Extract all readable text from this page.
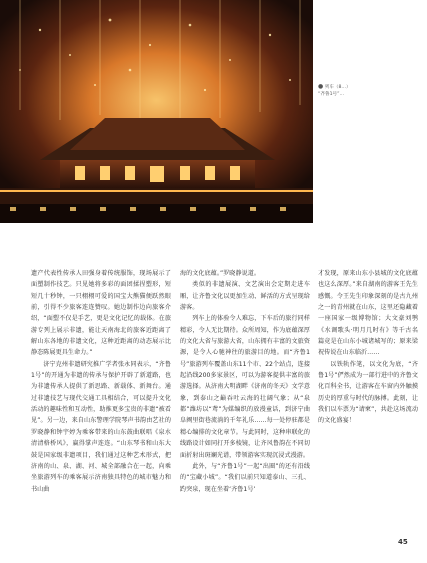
● 列车（8…）

“齐鲁1号”…

遗产代表性传承人田强身着传统服饰，现场展示了面塑制作技艺。只见她将多彩的面团揉捏塑形，短短几十秒钟，一只栩栩可爱的国宝大熊猫便跃然眼前，引得不少旅客连连赞叹。她边制作边向旅客介绍，“面塑不仅是手艺，更是文化记忆的载体。在旅游专列上展示非遗，能让天南海北的旅客近距离了解山东各地的非遗文化，这种近距离的动态展示比静态陈展更具生命力。”

济宁克州非遗研究推广学者张永同表示，“齐鲁1号”的开通为非遗的传承与保护开辟了新道路，也为非遗传承人提供了新思路、新载体、新舞台。通过非遗技艺与现代交通工具相结合，可以提升文化活动的趣味性和互动性，助推更多宝贵的非遗“被看见”。另一边，来自山东警理学院琴声书韵由艺社的罗晓静和钟宇婷为乘客带来的山东鼓曲联唱《泉水清清格桥风》，赢得掌声连连。“山东琴书和山东大鼓是国家级非遗项目，我们通过这种艺术形式，把济南的山、泉、湖、河、城全部融合在一起，向乘坐旅游列车的乘客展示济南独具特色的城市魅力和书山曲

海的文化底蕴。”罗晓静说道。

类似的非遗展演、文艺演出会定期走进车厢，让齐鲁文化以更加生动、鲜活的方式呈现给游客。

列车上的体验令人难忘，下车后的旅行同样精彩，令人无比期待。众所周知，作为底蕴深厚的文化大省与旅游大省，山东拥有丰富的文旅资源，是令人心驰神往的旅游目的地。而“齐鲁1号”旅游列车覆盖山东11个市、22个站点，连接起沿线200多家景区，可以为游客提供丰富的旅游选择。从济南大明湖畔《济南的冬天》文学意象，到泰山之巅吞吐云海的壮阔气象；从“泉都”潍坊以“鸢”为媒编织的放漫童话，到济宁曲阜阙里街巷流淌的千年礼乐……每一处停驻都是精心编排的文化章节。与此同时，这种串联化的线路设计如同打开多棱镜，让齐风鲁韵在不同切面折射出斑斓光谱，带领游客实现沉浸式漫游。

此外，与“齐鲁1号”一起“出圈”的还有沿线的“宝藏小城”。“我们以前只知道泰山、三孔、趵突泉，现在坐着‘齐鲁1号’

才发现，原来山东小县城的文化底蕴也这么深厚。”来自湖南的游客王先生感慨。令王先生印象深刻的是古九州之一的青州就在山东，这里还隐藏着一座国家一级博物馆；大文豪刘鹗《水调歌头·明月几时有》等千古名篇竟是在山东小城诸城写的；原来梁祝传说在山东临沂……

以铁轨作笔，以文化为底，“齐鲁1号”俨然成为一部行进中的齐鲁文化百科全书，让游客在车窗内外触摸历史的厚重与时代的脉搏。此刻，让我们以车票为“请柬”，共赴这场流动的文化盛宴！

45
